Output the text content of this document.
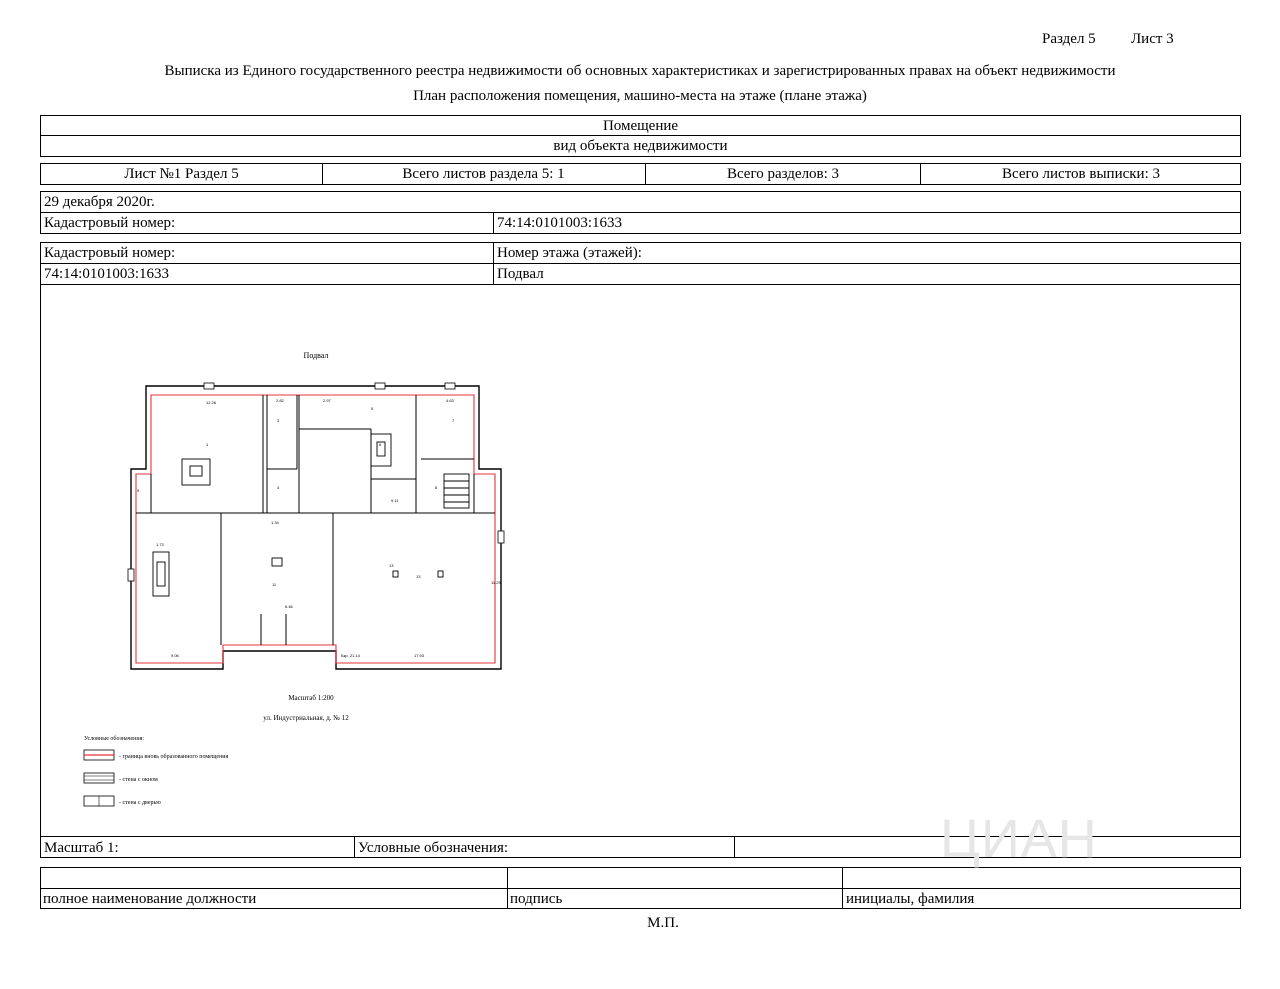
Раздел 5 Лист 3
Выписка из Единого государственного реестра недвижимости об основных характеристиках и зарегистрированных правах на объект недвижимости
План расположения помещения, машино-места на этаже (плане этажа)
Помещение
вид объекта недвижимости
Лист №1 Раздел 5	Всего листов раздела 5: 1	Всего разделов: 3	Всего листов выписки: 3
29 декабря 2020г.
Кадастровый номер:	74:14:0101003:1633
Кадастровый номер:	Номер этажа (этажей):
74:14:0101003:1633	Подвал
Масштаб 1:	Условные обозначения:
Подвал
12.26	2.82	2.97	4.63
1
3
4
5
6
7
8
9
1.34
11
6.46
13
13
17.93
9.06
11.29
1.73
Бкр. 21.14
9.11
Масштаб 1:200
ул. Индустриальная, д. № 12
Условные обозначения:
- граница вновь образованного помещения
- стена с окном
- стена с дверью
полное наименование должности	подпись	инициалы, фамилия
М.П.
ЦИАН
